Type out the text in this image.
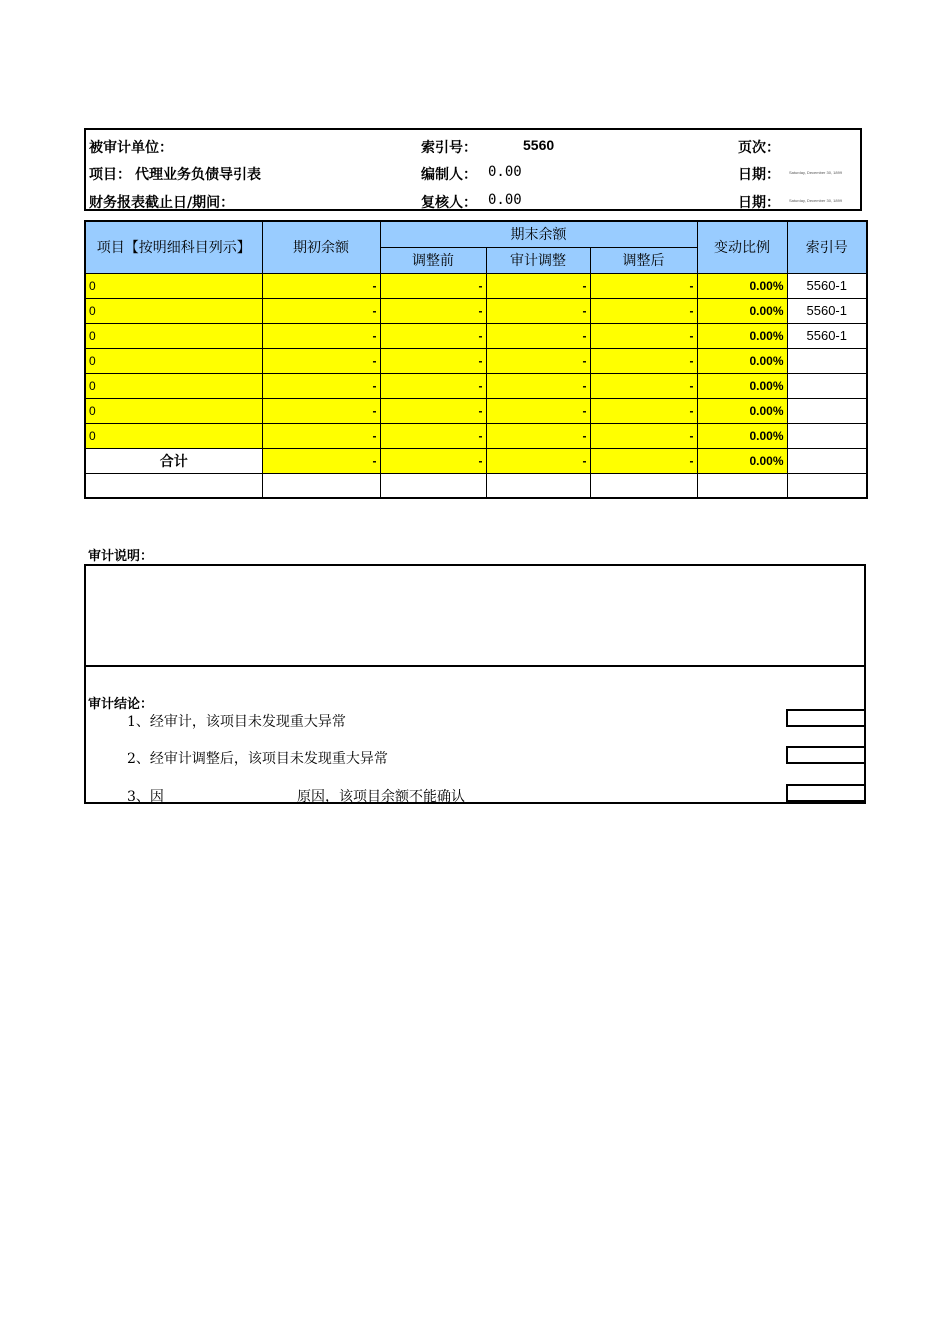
被审计单位：	索引号：	5560	页次：
项目： 代理业务负债导引表	编制人： 0.00	日期： Saturday, December 30, 1899
财务报表截止日/期间：	复核人： 0.00	日期： Saturday, December 30, 1899
项目【按明细科目列示】	期初余额	期末余额			变动比例	索引号
		调整前	审计调整	调整后		
0	-	-	-	-	0.00%	5560-1
0	-	-	-	-	0.00%	5560-1
0	-	-	-	-	0.00%	5560-1
0	-	-	-	-	0.00%	
0	-	-	-	-	0.00%	
0	-	-	-	-	0.00%	
0	-	-	-	-	0.00%	
合计	-	-	-	-	0.00%	

审计说明：
审计结论：
1、经审计，该项目未发现重大异常
2、经审计调整后，该项目未发现重大异常
3、因	原因，该项目余额不能确认
